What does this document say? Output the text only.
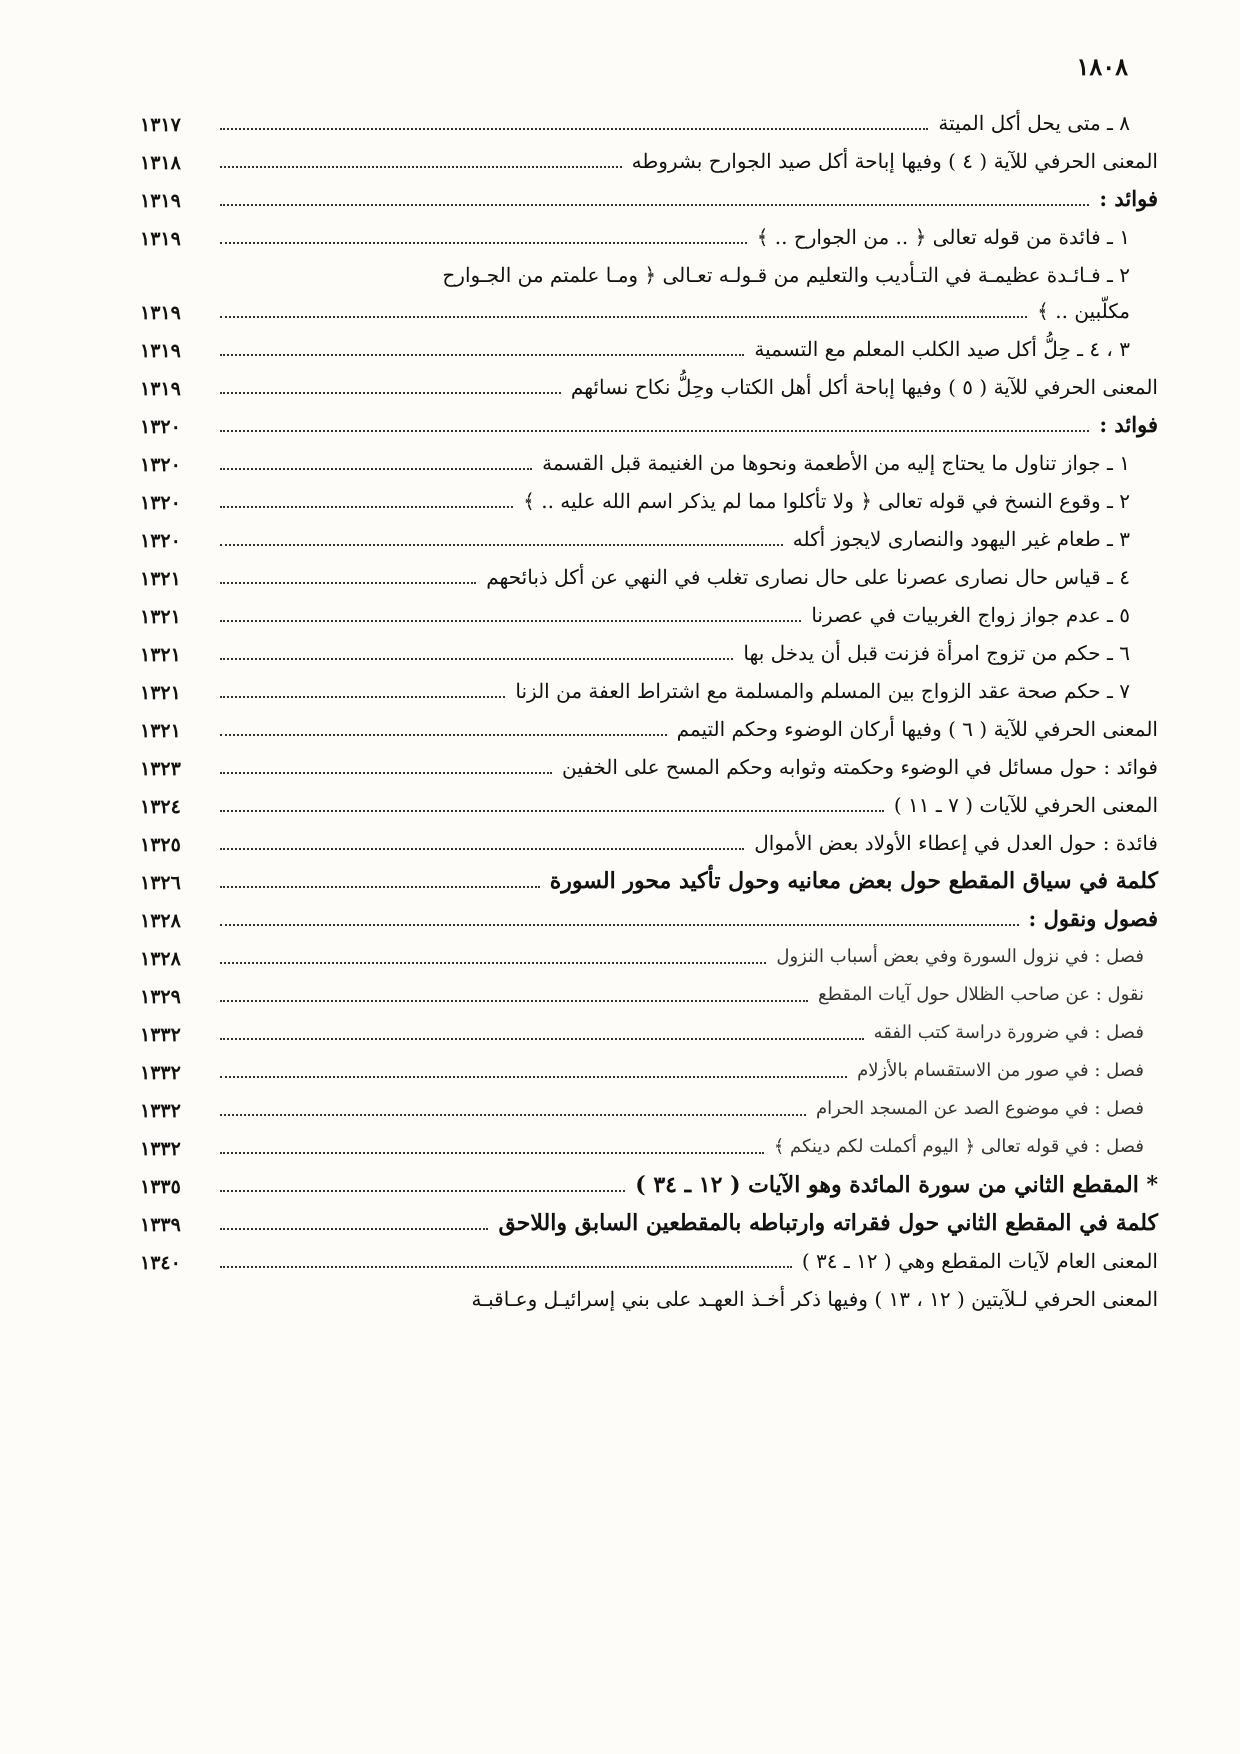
١٨٠٨
٨ ـ متى يحل أكل الميتة
١٣١٧
المعنى الحرفي للآية ( ٤ ) وفيها إباحة أكل صيد الجوارح بشروطه
١٣١٨
فوائد :
١٣١٩
١ ـ فائدة من قوله تعالى ﴿ .. من الجوارح .. ﴾
١٣١٩
٢ ـ فـائـدة عظيمـة في التـأديب والتعليم من قـولـه تعـالى ﴿ ومـا علمتم من الجـوارح
مكلّبين .. ﴾
١٣١٩
٣ ، ٤ ـ حِلُّ أكل صيد الكلب المعلم مع التسمية
١٣١٩
المعنى الحرفي للآية ( ٥ ) وفيها إباحة أكل أهل الكتاب وحِلُّ نكاح نسائهم
١٣١٩
فوائد :
١٣٢٠
١ ـ جواز تناول ما يحتاج إليه من الأطعمة ونحوها من الغنيمة قبل القسمة
١٣٢٠
٢ ـ وقوع النسخ في قوله تعالى ﴿ ولا تأكلوا مما لم يذكر اسم الله عليه .. ﴾
١٣٢٠
٣ ـ طعام غير اليهود والنصارى لايجوز أكله
١٣٢٠
٤ ـ قياس حال نصارى عصرنا على حال نصارى تغلب في النهي عن أكل ذبائحهم
١٣٢١
٥ ـ عدم جواز زواج الغربيات في عصرنا
١٣٢١
٦ ـ حكم من تزوج امرأة فزنت قبل أن يدخل بها
١٣٢١
٧ ـ حكم صحة عقد الزواج بين المسلم والمسلمة مع اشتراط العفة من الزنا
١٣٢١
المعنى الحرفي للآية ( ٦ ) وفيها أركان الوضوء وحكم التيمم
١٣٢١
فوائد : حول مسائل في الوضوء وحكمته وثوابه وحكم المسح على الخفين
١٣٢٣
المعنى الحرفي للآيات ( ٧ ـ ١١ )
١٣٢٤
فائدة : حول العدل في إعطاء الأولاد بعض الأموال
١٣٢٥
كلمة في سياق المقطع حول بعض معانيه وحول تأكيد محور السورة
١٣٢٦
فصول ونقول :
١٣٢٨
فصل : في نزول السورة وفي بعض أسباب النزول
١٣٢٨
نقول : عن صاحب الظلال حول آيات المقطع
١٣٢٩
فصل : في ضرورة دراسة كتب الفقه
١٣٣٢
فصل : في صور من الاستقسام بالأزلام
١٣٣٢
فصل : في موضوع الصد عن المسجد الحرام
١٣٣٢
فصل : في قوله تعالى ﴿ اليوم أكملت لكم دينكم ﴾
١٣٣٢
* المقطع الثاني من سورة المائدة وهو الآيات ( ١٢ ـ ٣٤ )
١٣٣٥
كلمة في المقطع الثاني حول فقراته وارتباطه بالمقطعين السابق واللاحق
١٣٣٩
المعنى العام لآيات المقطع وهي ( ١٢ ـ ٣٤ )
١٣٤٠
المعنى الحرفي لـلآيتين ( ١٢ ، ١٣ ) وفيها ذكر أخـذ العهـد على بني إسرائيـل وعـاقبـة
